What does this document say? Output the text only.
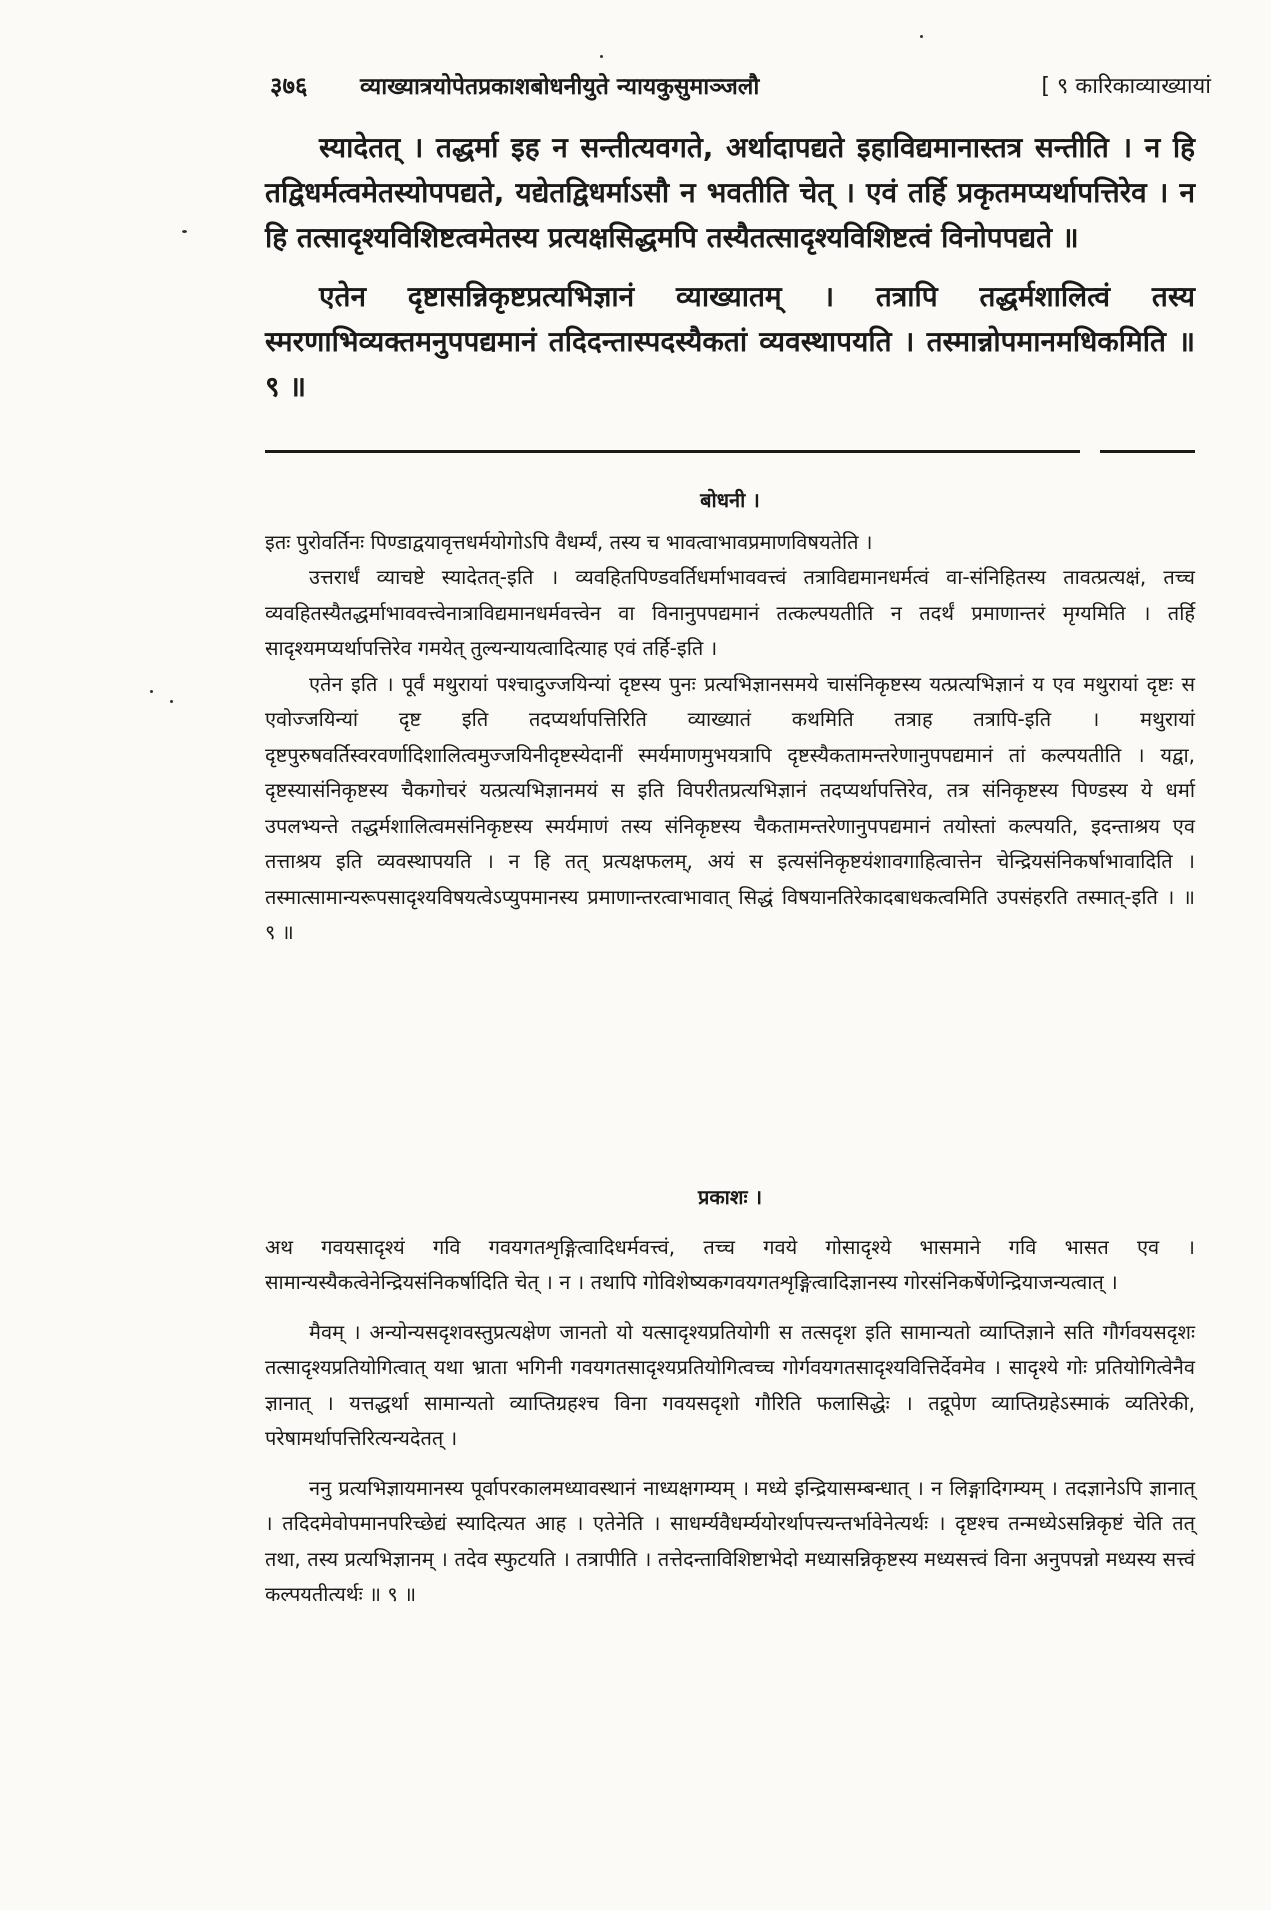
३७६	व्याख्यात्रयोपेतप्रकाशबोधनीयुते न्यायकुसुमाञ्जलौ	[ ९ कारिकाव्याख्यायां

स्यादेतत् । तद्धर्मा इह न सन्तीत्यवगते, अर्थादापद्यते इहाविद्यमानास्तत्र सन्तीति । न हि तद्विधर्मत्वमेतस्योपपद्यते, यद्येतद्विधर्माऽसौ न भवतीति चेत् । एवं तर्हि प्रकृतमप्यर्थापत्तिरेव । न हि तत्सादृश्यविशिष्टत्वमेतस्य प्रत्यक्षसिद्धमपि तस्यैतत्सादृश्यविशिष्टत्वं विनोपपद्यते ॥

एतेन दृष्टासन्निकृष्टप्रत्यभिज्ञानं व्याख्यातम् । तत्रापि तद्धर्मशालित्वं तस्य स्मरणाभिव्यक्तमनुपपद्यमानं तदिदन्तास्पदस्यैकतां व्यवस्थापयति । तस्मान्नोपमानमधिकमिति ॥ ९ ॥

बोधनी ।

इतः पुरोवर्तिनः पिण्डाद्वयावृत्तधर्मयोगोऽपि वैधर्म्यं, तस्य च भावत्वाभावप्रमाणविषयतेति ।

उत्तरार्धं व्याचष्टे स्यादेतत्-इति । व्यवहितपिण्डवर्तिधर्माभाववत्त्वं तत्राविद्यमानधर्मत्वं वा-संनिहितस्य तावत्प्रत्यक्षं, तच्च व्यवहितस्यैतद्धर्माभाववत्त्वेनात्राविद्यमानधर्मवत्त्वेन वा विनानुपपद्यमानं तत्कल्पयतीति न तदर्थं प्रमाणान्तरं मृग्यमिति । तर्हि सादृश्यमप्यर्थापत्तिरेव गमयेत् तुल्यन्यायत्वादित्याह एवं तर्हि-इति ।

एतेन इति । पूर्वं मथुरायां पश्चादुज्जयिन्यां दृष्टस्य पुनः प्रत्यभिज्ञानसमये चासंनिकृष्टस्य यत्प्रत्यभिज्ञानं य एव मथुरायां दृष्टः स एवोज्जयिन्यां दृष्ट इति तदप्यर्थापत्तिरिति व्याख्यातं कथमिति तत्राह तत्रापि-इति । मथुरायां दृष्टपुरुषवर्तिस्वरवर्णादिशालित्वमुज्जयिनीदृष्टस्येदानीं स्मर्यमाणमुभयत्रापि दृष्टस्यैकतामन्तरेणानुपपद्यमानं तां कल्पयतीति । यद्वा, दृष्टस्यासंनिकृष्टस्य चैकगोचरं यत्प्रत्यभिज्ञानमयं स इति विपरीतप्रत्यभिज्ञानं तदप्यर्थापत्तिरेव, तत्र संनिकृष्टस्य पिण्डस्य ये धर्मा उपलभ्यन्ते तद्धर्मशालित्वमसंनिकृष्टस्य स्मर्यमाणं तस्य संनिकृष्टस्य चैकतामन्तरेणानुपपद्यमानं तयोस्तां कल्पयति, इदन्ताश्रय एव तत्ताश्रय इति व्यवस्थापयति । न हि तत् प्रत्यक्षफलम्, अयं स इत्यसंनिकृष्टयंशावगाहित्वात्तेन चेन्द्रियसंनिकर्षाभावादिति । तस्मात्सामान्यरूपसादृश्यविषयत्वेऽप्युपमानस्य प्रमाणान्तरत्वाभावात् सिद्धं विषयानतिरेकादबाधकत्वमिति उपसंहरति तस्मात्-इति । ॥ ९ ॥

प्रकाशः ।

अथ गवयसादृश्यं गवि गवयगतशृङ्गित्वादिधर्मवत्त्वं, तच्च गवये गोसादृश्ये भासमाने गवि भासत एव । सामान्यस्यैकत्वेनेन्द्रियसंनिकर्षादिति चेत् । न । तथापि गोविशेष्यकगवयगतशृङ्गित्वादिज्ञानस्य गोरसंनिकर्षेणेन्द्रियाजन्यत्वात् ।

मैवम् । अन्योन्यसदृशवस्तुप्रत्यक्षेण जानतो यो यत्सादृश्यप्रतियोगी स तत्सदृश इति सामान्यतो व्याप्तिज्ञाने सति गौर्गवयसदृशः तत्सादृश्यप्रतियोगित्वात् यथा भ्राता भगिनी गवयगतसादृश्यप्रतियोगित्वच्च गोर्गवयगतसादृश्यवित्तिर्देवमेव । सादृश्ये गोः प्रतियोगित्वेनैव ज्ञानात् । यत्तद्धर्था सामान्यतो व्याप्तिग्रहश्च विना गवयसदृशो गौरिति फलासिद्धेः । तद्रूपेण व्याप्तिग्रहेऽस्माकं व्यतिरेकी, परेषामर्थापत्तिरित्यन्यदेतत् ।

ननु प्रत्यभिज्ञायमानस्य पूर्वापरकालमध्यावस्थानं नाध्यक्षगम्यम् । मध्ये इन्द्रियासम्बन्धात् । न लिङ्गादिगम्यम् । तदज्ञानेऽपि ज्ञानात् । तदिदमेवोपमानपरिच्छेद्यं स्यादित्यत आह । एतेनेति । साधर्म्यवैधर्म्ययोरर्थापत्त्यन्तर्भावेनेत्यर्थः । दृष्टश्च तन्मध्येऽसन्निकृष्टं चेति तत् तथा, तस्य प्रत्यभिज्ञानम् । तदेव स्फुटयति । तत्रापीति । तत्तेदन्ताविशिष्टाभेदो मध्यासन्निकृष्टस्य मध्यसत्त्वं विना अनुपपन्नो मध्यस्य सत्त्वं कल्पयतीत्यर्थः ॥ ९ ॥
